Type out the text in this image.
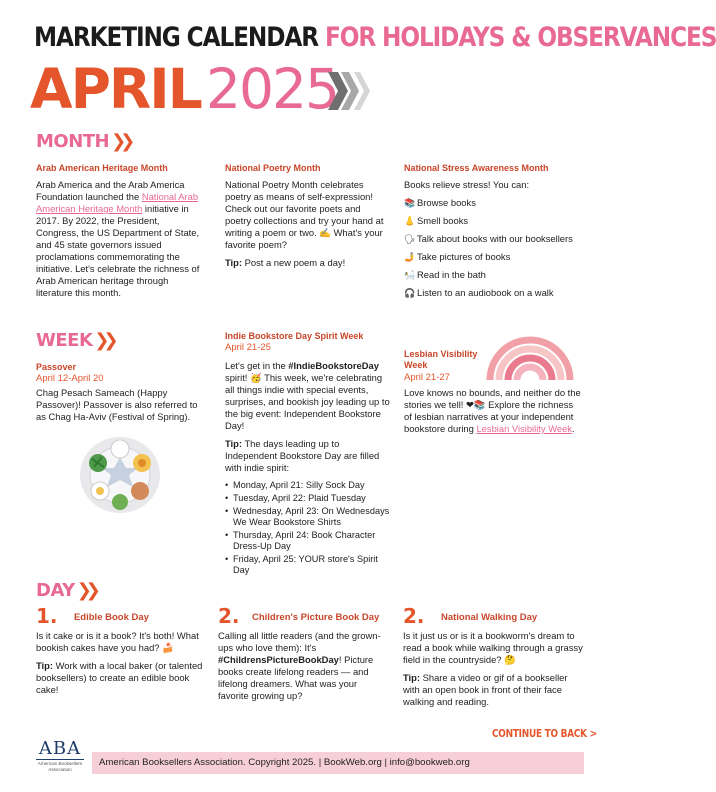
MARKETING CALENDAR FOR HOLIDAYS & OBSERVANCES
APRIL 2025
MONTH ❯❯
Arab American Heritage Month
Arab America and the Arab America Foundation launched the National Arab American Heritage Month initiative in 2017. By 2022, the President, Congress, the US Department of State, and 45 state governors issued proclamations commemorating the initiative. Let's celebrate the richness of Arab American heritage through literature this month.
National Poetry Month

National Poetry Month celebrates poetry as means of self-expression! Check out our favorite poets and poetry collections and try your hand at writing a poem or two. ✍ What's your favorite poem?

Tip: Post a new poem a day!

National Stress Awareness Month

Books relieve stress! You can:

📚 Browse books
👃 Smell books
🗣 Talk about books with our booksellers
🤳 Take pictures of books
🛀 Read in the bath
🎧 Listen to an audiobook on a walk
WEEK ❯❯
Passover
April 12-April 20
Chag Pesach Sameach (Happy Passover)! Passover is also referred to as Chag Ha-Aviv (Festival of Spring).
Indie Bookstore Day Spirit Week
April 21-25

Let's get in the #IndieBookstoreDay spirit! 🥳 This week, we're celebrating all things indie with special events, surprises, and bookish joy leading up to the big event: Independent Bookstore Day!

Tip: The days leading up to Independent Bookstore Day are filled with indie spirit:

• Monday, April 21: Silly Sock Day
• Tuesday, April 22: Plaid Tuesday
• Wednesday, April 23: On Wednesdays We Wear Bookstore Shirts
• Thursday, April 24: Book Character Dress-Up Day
• Friday, April 25: YOUR store's Spirit Day
Lesbian Visibility Week
April 21-27
Love knows no bounds, and neither do the stories we tell! ❤📚 Explore the richness of lesbian narratives at your independent bookstore during Lesbian Visibility Week.
DAY ❯❯
1. Edible Book Day

Is it cake or is it a book? It's both! What bookish cakes have you had? 🍰

Tip: Work with a local baker (or talented booksellers) to create an edible book cake!

2. Children's Picture Book Day
Calling all little readers (and the grown-ups who love them): It's #ChildrensPictureBookDay! Picture books create lifelong readers — and lifelong dreamers. What was your favorite growing up?
2. National Walking Day

Is it just us or is it a bookworm's dream to read a book while walking through a grassy field in the countryside? 🤔

Tip: Share a video or gif of a bookseller with an open book in front of their face walking and reading.

CONTINUE TO BACK >
ABA
American Booksellers
Association
American Booksellers Association. Copyright 2025. | BookWeb.org | info@bookweb.org
